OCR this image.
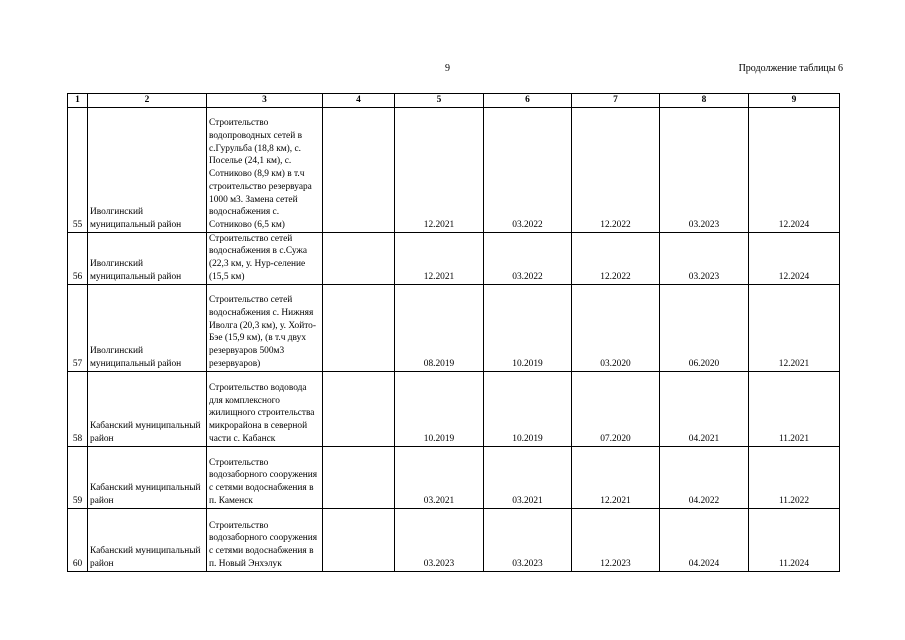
9	Продолжение таблицы 6
1	2	3	4	5	6	7	8	9
55	Иволгинский муниципальный район	Строительство водопроводных сетей в с.Гурульба (18,8 км), с. Поселье (24,1 км), с. Сотниково (8,9 км) в т.ч строительство резервуара 1000 м3. Замена сетей водоснабжения с. Сотниково (6,5 км)		12.2021	03.2022	12.2022	03.2023	12.2024
56	Иволгинский муниципальный район	Строительство сетей водоснабжения в с.Сужа (22,3 км, у. Нур-селение (15,5 км)		12.2021	03.2022	12.2022	03.2023	12.2024
57	Иволгинский муниципальный район	Строительство сетей водоснабжения с. Нижняя Иволга (20,3 км), у. Хойто-Бэе (15,9 км), (в т.ч двух резервуаров 500м3 резервуаров)		08.2019	10.2019	03.2020	06.2020	12.2021
58	Кабанский муниципальный район	Строительство водовода для комплексного жилищного строительства микрорайона в северной части с. Кабанск		10.2019	10.2019	07.2020	04.2021	11.2021
59	Кабанский муниципальный район	Строительство водозаборного сооружения с сетями водоснабжения в п. Каменск		03.2021	03.2021	12.2021	04.2022	11.2022
60	Кабанский муниципальный район	Строительство водозаборного сооружения с сетями водоснабжения в п. Новый Энхэлук		03.2023	03.2023	12.2023	04.2024	11.2024
